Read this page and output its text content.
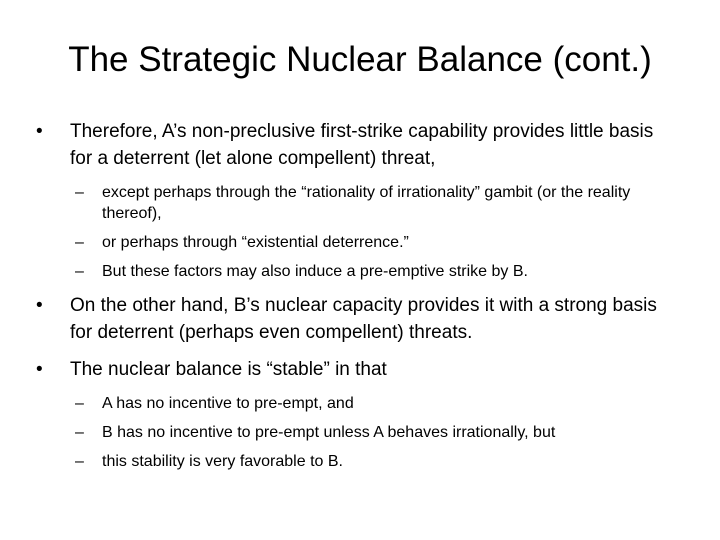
The Strategic Nuclear Balance (cont.)
•	Therefore, A’s non-preclusive first-strike capability provides little basis for a deterrent (let alone compellent) threat,
–	except perhaps through the “rationality of irrationality” gambit (or the reality thereof),
–	or perhaps through “existential deterrence.”
–	But these factors may also induce a pre-emptive strike by B.
•	On the other hand, B’s nuclear capacity provides it with a strong basis for deterrent (perhaps even compellent) threats.
•	The nuclear balance is “stable” in that
–	A has no incentive to pre-empt, and
–	B has no incentive to pre-empt unless A behaves irrationally, but
–	this stability is very favorable to B.
